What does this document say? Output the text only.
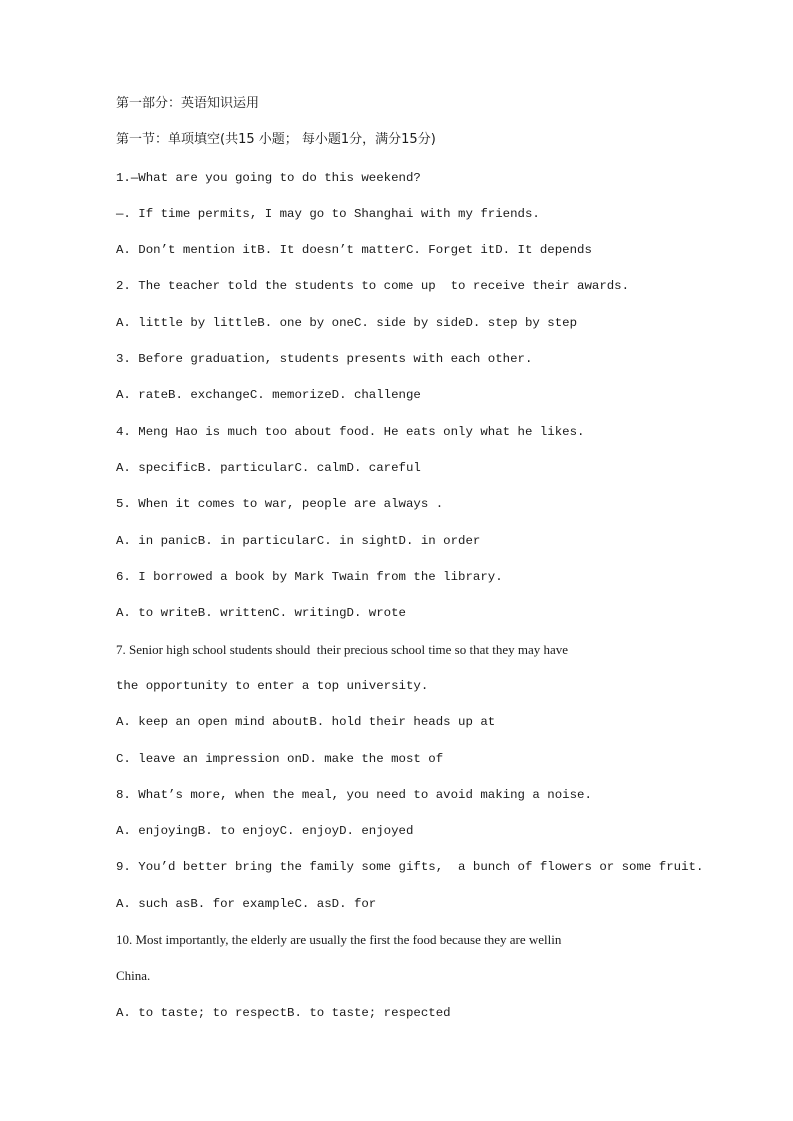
第一部分：英语知识运用
第一节：单项填空(共15 小题； 每小题1分，满分15分)
1.—What are you going to do this weekend?
—. If time permits, I may go to Shanghai with my friends.
A. Don’t mention itB. It doesn’t matterC. Forget itD. It depends
2. The teacher told the students to come up  to receive their awards.
A. little by littleB. one by oneC. side by sideD. step by step
3. Before graduation, students presents with each other.
A. rateB. exchangeC. memorizeD. challenge
4. Meng Hao is much too about food. He eats only what he likes.
A. specificB. particularC. calmD. careful
5. When it comes to war, people are always .
A. in panicB. in particularC. in sightD. in order
6. I borrowed a book by Mark Twain from the library.
A. to writeB. writtenC. writingD. wrote
7. Senior high school students should  their precious school time so that they may have
the opportunity to enter a top university.
A. keep an open mind aboutB. hold their heads up at
C. leave an impression onD. make the most of
8. What’s more, when the meal, you need to avoid making a noise.
A. enjoyingB. to enjoyC. enjoyD. enjoyed
9. You’d better bring the family some gifts,  a bunch of flowers or some fruit.
A. such asB. for exampleC. asD. for
10. Most importantly, the elderly are usually the first the food because they are wellin
China.
A. to taste; to respectB. to taste; respected
